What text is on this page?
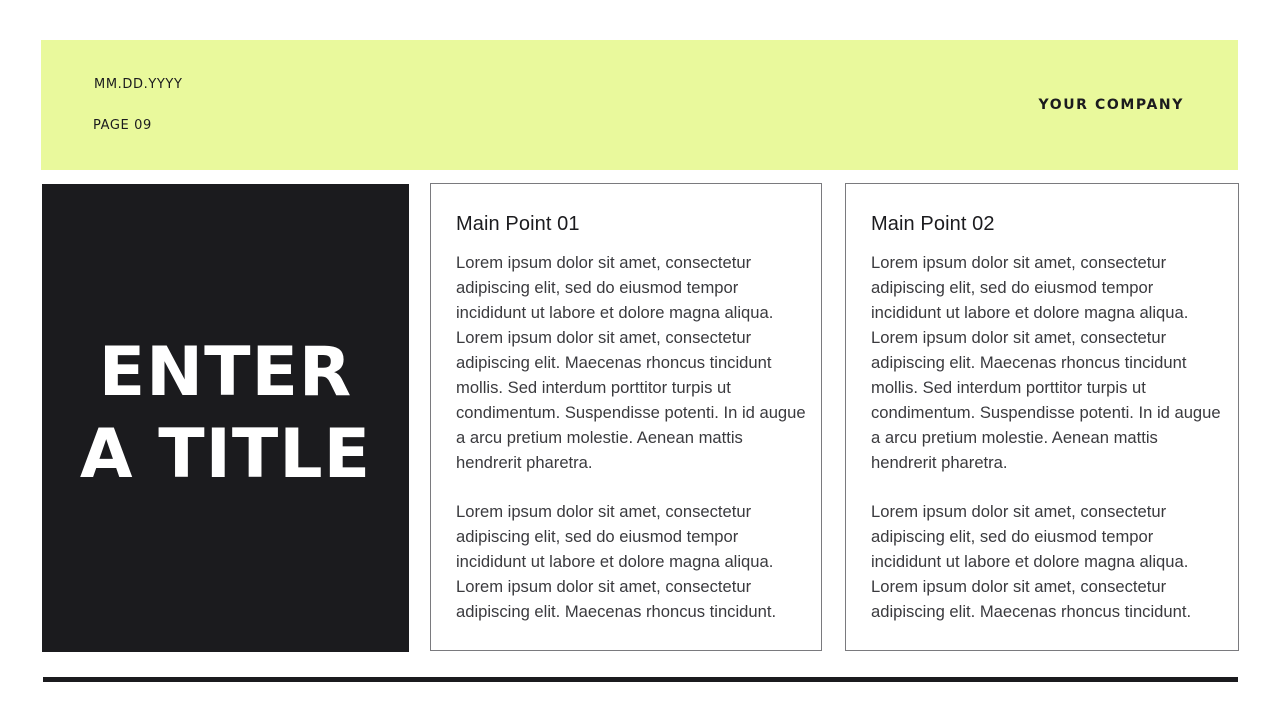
MM.DD.YYYY
PAGE 09
YOUR COMPANY
ENTER
A TITLE
Main Point 01

Lorem ipsum dolor sit amet, consectetur adipiscing elit, sed do eiusmod tempor incididunt ut labore et dolore magna aliqua. Lorem ipsum dolor sit amet, consectetur adipiscing elit. Maecenas rhoncus tincidunt mollis. Sed interdum porttitor turpis ut condimentum. Suspendisse potenti. In id augue a arcu pretium molestie. Aenean mattis hendrerit pharetra.

Lorem ipsum dolor sit amet, consectetur adipiscing elit, sed do eiusmod tempor incididunt ut labore et dolore magna aliqua. Lorem ipsum dolor sit amet, consectetur adipiscing elit. Maecenas rhoncus tincidunt.

Main Point 02

Lorem ipsum dolor sit amet, consectetur adipiscing elit, sed do eiusmod tempor incididunt ut labore et dolore magna aliqua. Lorem ipsum dolor sit amet, consectetur adipiscing elit. Maecenas rhoncus tincidunt mollis. Sed interdum porttitor turpis ut condimentum. Suspendisse potenti. In id augue a arcu pretium molestie. Aenean mattis hendrerit pharetra.

Lorem ipsum dolor sit amet, consectetur adipiscing elit, sed do eiusmod tempor incididunt ut labore et dolore magna aliqua. Lorem ipsum dolor sit amet, consectetur adipiscing elit. Maecenas rhoncus tincidunt.
